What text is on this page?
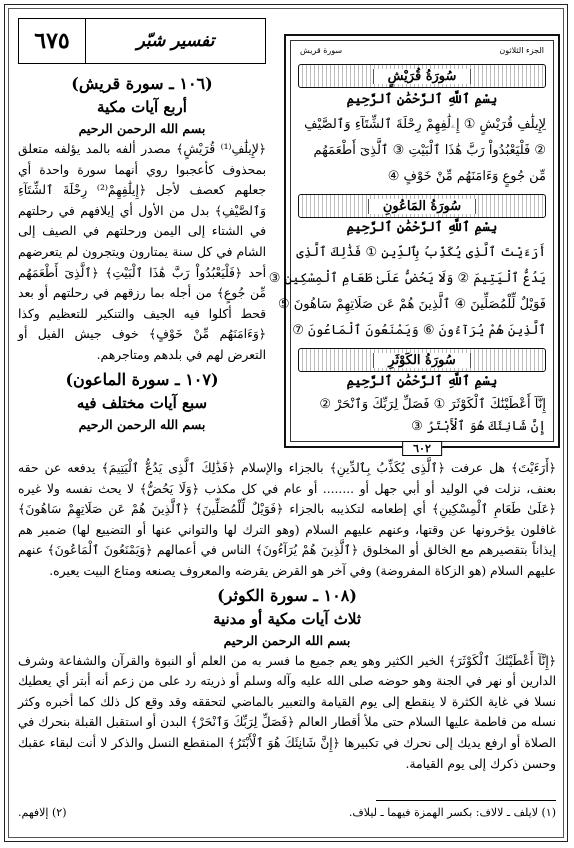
تفسير شبّر
٦٧٥
(١٠٦ ـ سورة قريش)
أربع آيات مكية
بسم الله الرحمن الرحيم

﴿لإِيلَٰفِ⁽¹⁾ قُرَيْشٍ﴾ مصدر ألفه بالمد يؤلفه متعلق بمحذوف كأعجبوا روي أنهما سورة واحدة أي جعلهم كعصف لأجل ﴿إِيلَٰفِهِمْ⁽²⁾ رِحْلَةَ ٱلشِّتَآءِ وَٱلصَّيْفِ﴾ بدل من الأول أي إيلافهم في رحلتهم في الشتاء إلى اليمن ورحلتهم في الصيف إلى الشام في كل سنة يمتارون ويتجرون لم يتعرضهم أحد ﴿فَلْيَعْبُدُواْ رَبَّ هَٰذَا ٱلْبَيْتِ﴾ ﴿ٱلَّذِىٓ أَطْعَمَهُم مِّن جُوعٍ﴾ من أجله بما رزقهم في رحلتهم أو بعد قحط أكلوا فيه الجيف والتنكير للتعظيم وكذا ﴿وَءَامَنَهُم مِّنْ خَوْفٍ﴾ خوف جيش الفيل أو التعرض لهم في بلدهم ومتاجرهم.

(١٠٧ ـ سورة الماعون)
سبع آيات مختلف فيه
بسم الله الرحمن الرحيم
الجزء الثلاثون
سورة قريش
سُورَةُ قُرَيْشٍ
بِسْمِ ٱللَّهِ ٱلرَّحْمَٰنِ ٱلرَّحِيمِ
لِإِيلَٰفِ قُرَيْشٍ ① إِۦلَٰفِهِمْ رِحْلَةَ ٱلشِّتَآءِ وَٱلصَّيْفِ
② فَلْيَعْبُدُواْ رَبَّ هَٰذَا ٱلْبَيْتِ ③ ٱلَّذِىٓ أَطْعَمَهُم
مِّن جُوعٍ وَءَامَنَهُم مِّنْ خَوْفٍ ④
سُورَةُ المَاعُونِ
بِسْمِ ٱللَّهِ ٱلرَّحْمَٰنِ ٱلرَّحِيمِ
أَرَءَيْتَ ٱلَّذِى يُكَذِّبُ بِٱلدِّينِ ① فَذَٰلِكَ ٱلَّذِى
يَدُعُّ ٱلْيَتِيمَ ② وَلَا يَحُضُّ عَلَىٰ طَعَامِ ٱلْمِسْكِينِ ③
فَوَيْلٌ لِّلْمُصَلِّينَ ④ ٱلَّذِينَ هُمْ عَن صَلَاتِهِمْ سَاهُونَ ⑤
ٱلَّذِينَ هُمْ يُرَآءُونَ ⑥ وَيَمْنَعُونَ ٱلْمَاعُونَ ⑦
سُورَةُ الكَوْثَرِ
بِسْمِ ٱللَّهِ ٱلرَّحْمَٰنِ ٱلرَّحِيمِ
إِنَّآ أَعْطَيْنَٰكَ ٱلْكَوْثَرَ ① فَصَلِّ لِرَبِّكَ وَٱنْحَرْ ②
إِنَّ شَانِئَكَ هُوَ ٱلْأَبْتَرُ ③
٦٠٢

﴿أَرَءَيْتَ﴾ هل عرفت ﴿ٱلَّذِى يُكَذِّبُ بِٱلدِّينِ﴾ بالجزاء والإسلام ﴿فَذَٰلِكَ ٱلَّذِى يَدُعُّ ٱلْيَتِيمَ﴾ يدفعه عن حقه بعنف، نزلت في الوليد أو أبي جهل أو ........ أو عام في كل مكذب ﴿وَلَا يَحُضُّ﴾ لا يحث نفسه ولا غيره ﴿عَلَىٰ طَعَامِ ٱلْمِسْكِينِ﴾ أي إطعامه لتكذيبه بالجزاء ﴿فَوَيْلٌ لِّلْمُصَلِّينَ﴾ ﴿ٱلَّذِينَ هُمْ عَن صَلَاتِهِمْ سَاهُونَ﴾ غافلون يؤخرونها عن وقتها، وعنهم عليهم السلام (وهو الترك لها والتواني عنها أو التضييع لها) ضمير هم إيذاناً بتقصيرهم مع الخالق أو المخلوق ﴿ٱلَّذِينَ هُمْ يُرَآءُونَ﴾ الناس في أعمالهم ﴿وَيَمْنَعُونَ ٱلْمَاعُونَ﴾ عنهم عليهم السلام (هو الزكاة المفروضة) وفي آخر هو القرض يقرضه والمعروف يصنعه ومتاع البيت يعيره.

(١٠٨ ـ سورة الكوثر)
ثلاث آيات مكية أو مدنية
بسم الله الرحمن الرحيم

﴿إِنَّآ أَعْطَيْنَٰكَ ٱلْكَوْثَرَ﴾ الخير الكثير وهو يعم جميع ما فسر به من العلم أو النبوة والقرآن والشفاعة وشرف الدارين أو نهر في الجنة وهو حوضه صلى الله عليه وآله وسلم أو ذريته رد على من زعم أنه أبتر أي يعطيك نسلا في غاية الكثرة لا ينقطع إلى يوم القيامة والتعبير بالماضي لتحققه وقد وقع كل ذلك كما أخبره وكثر نسله من فاطمة عليها السلام حتى ملأ أقطار العالم ﴿فَصَلِّ لِرَبِّكَ وَٱنْحَرْ﴾ البدن أو استقبل القبلة بنحرك في الصلاة أو ارفع يديك إلى نحرك في تكبيرها ﴿إِنَّ شَانِئَكَ هُوَ ٱلْأَبْتَرُ﴾ المنقطع النسل والذكر لا أنت لبقاء عقبك وحسن ذكرك إلى يوم القيامة.

(١) لايلف ـ لالاف: بكسر الهمزة فيهما ـ ليلاف.
(٢) إلافهم.
